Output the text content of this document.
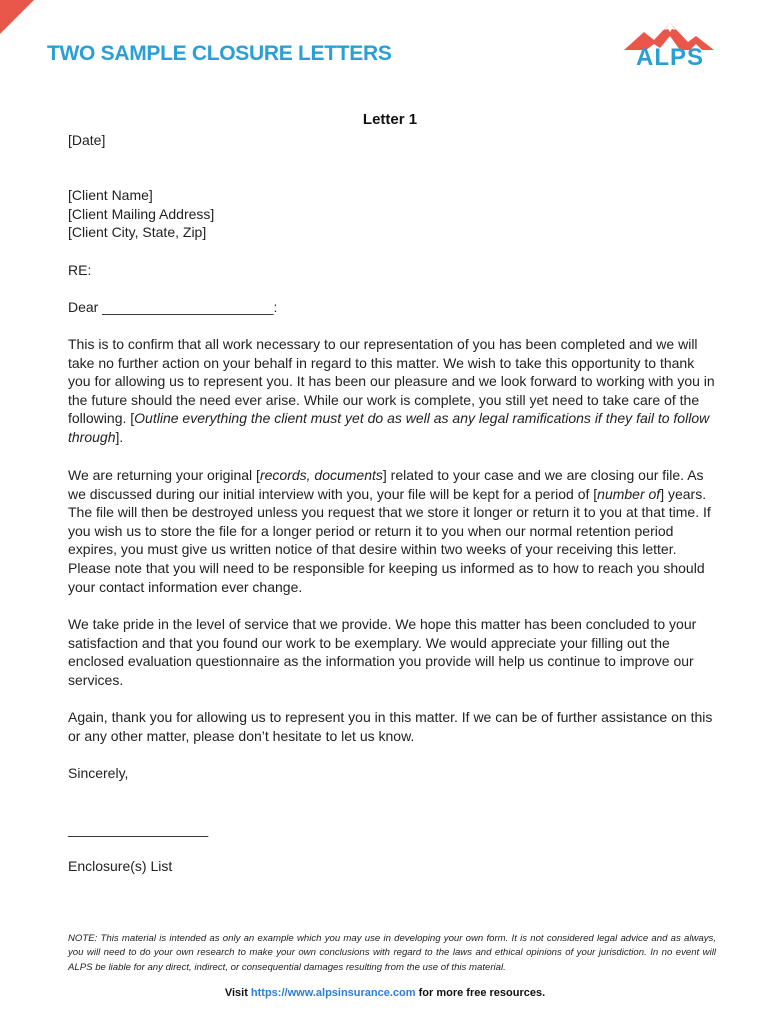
TWO SAMPLE CLOSURE LETTERS	ALPS
Letter 1

[Date]

[Client Name]

[Client Mailing Address]

[Client City, State, Zip]

RE:
Dear ______________________:
This is to confirm that all work necessary to our representation of you has been completed and we will take no further action on your behalf in regard to this matter. We wish to take this opportunity to thank you for allowing us to represent you. It has been our pleasure and we look forward to working with you in the future should the need ever arise. While our work is complete, you still yet need to take care of the following. [Outline everything the client must yet do as well as any legal ramifications if they fail to follow through].
We are returning your original [records, documents] related to your case and we are closing our file. As we discussed during our initial interview with you, your file will be kept for a period of [number of] years. The file will then be destroyed unless you request that we store it longer or return it to you at that time. If you wish us to store the file for a longer period or return it to you when our normal retention period expires, you must give us written notice of that desire within two weeks of your receiving this letter. Please note that you will need to be responsible for keeping us informed as to how to reach you should your contact information ever change.
We take pride in the level of service that we provide. We hope this matter has been concluded to your satisfaction and that you found our work to be exemplary. We would appreciate your filling out the enclosed evaluation questionnaire as the information you provide will help us continue to improve our services.
Again, thank you for allowing us to represent you in this matter. If we can be of further assistance on this or any other matter, please don’t hesitate to let us know.
Sincerely,
__________________
Enclosure(s) List
NOTE: This material is intended as only an example which you may use in developing your own form. It is not considered legal advice and as always, you will need to do your own research to make your own conclusions with regard to the laws and ethical opinions of your jurisdiction. In no event will ALPS be liable for any direct, indirect, or consequential damages resulting from the use of this material.
Visit https://www.alpsinsurance.com for more free resources.
